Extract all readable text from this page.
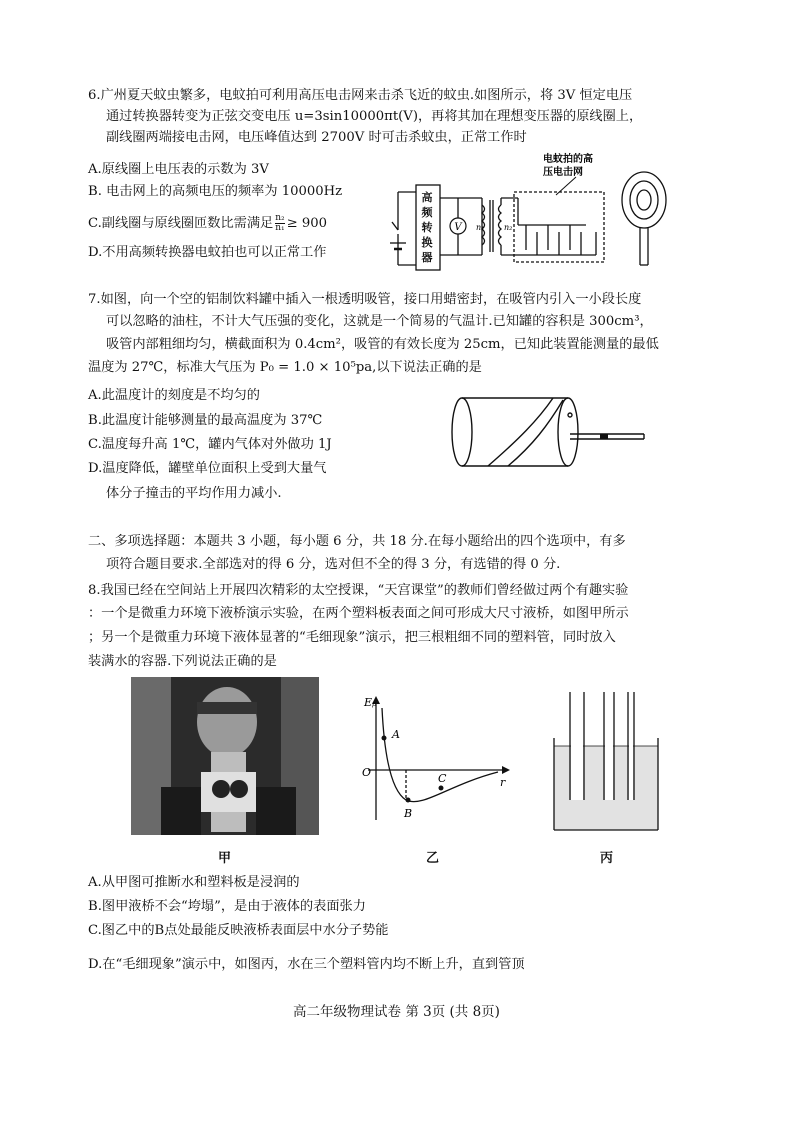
6.广州夏天蚊虫繁多，电蚊拍可利用高压电击网来击杀飞近的蚊虫.如图所示，将 3V 恒定电压
通过转换器转变为正弦交变电压 u=3sin10000πt(V)，再将其加在理想变压器的原线圈上，
副线圈两端接电击网，电压峰值达到 2700V 时可击杀蚊虫，正常工作时
A.原线圈上电压表的示数为 3V
B. 电击网上的高频电压的频率为 10000Hz
C.副线圈与原线圈匝数比需满足 $\frac{\text{n₂}}{\text{n₁}} \ge 900$
D.不用高频转换器电蚊拍也可以正常工作
V n₁ n₂
电蚊拍的高
压电击网
高频转换器
7.如图，向一个空的铝制饮料罐中插入一根透明吸管，接口用蜡密封，在吸管内引入一小段长度
可以忽略的油柱，不计大气压强的变化，这就是一个简易的气温计.已知罐的容积是 300cm³，
吸管内部粗细均匀，横截面积为 0.4cm²，吸管的有效长度为 25cm，已知此装置能测量的最低
温度为 27℃，标准大气压为 P₀ = 1.0 × 10⁵pa,以下说法正确的是
A.此温度计的刻度是不均匀的
B.此温度计能够测量的最高温度为 37℃
C.温度每升高 1℃，罐内气体对外做功 1J
D.温度降低，罐壁单位面积上受到大量气
体分子撞击的平均作用力减小.
二、多项选择题：本题共 3 小题，每小题 6 分，共 18 分.在每小题给出的四个选项中，有多
项符合题目要求.全部选对的得 6 分，选对但不全的得 3 分，有选错的得 0 分.
8.我国已经在空间站上开展四次精彩的太空授课，“天宫课堂”的教师们曾经做过两个有趣实验
：一个是微重力环境下液桥演示实验，在两个塑料板表面之间可形成大尺寸液桥，如图甲所示
；另一个是微重力环境下液体显著的“毛细现象”演示，把三根粗细不同的塑料管，同时放入
装满水的容器.下列说法正确的是
Eₚ
O
r
A
B
C
甲	乙	丙
A.从甲图可推断水和塑料板是浸润的
B.图甲液桥不会“垮塌”，是由于液体的表面张力
C.图乙中的B点处最能反映液桥表面层中水分子势能
D.在“毛细现象”演示中，如图丙，水在三个塑料管内均不断上升，直到管顶
高二年级物理试卷 第 3页 (共 8页)
